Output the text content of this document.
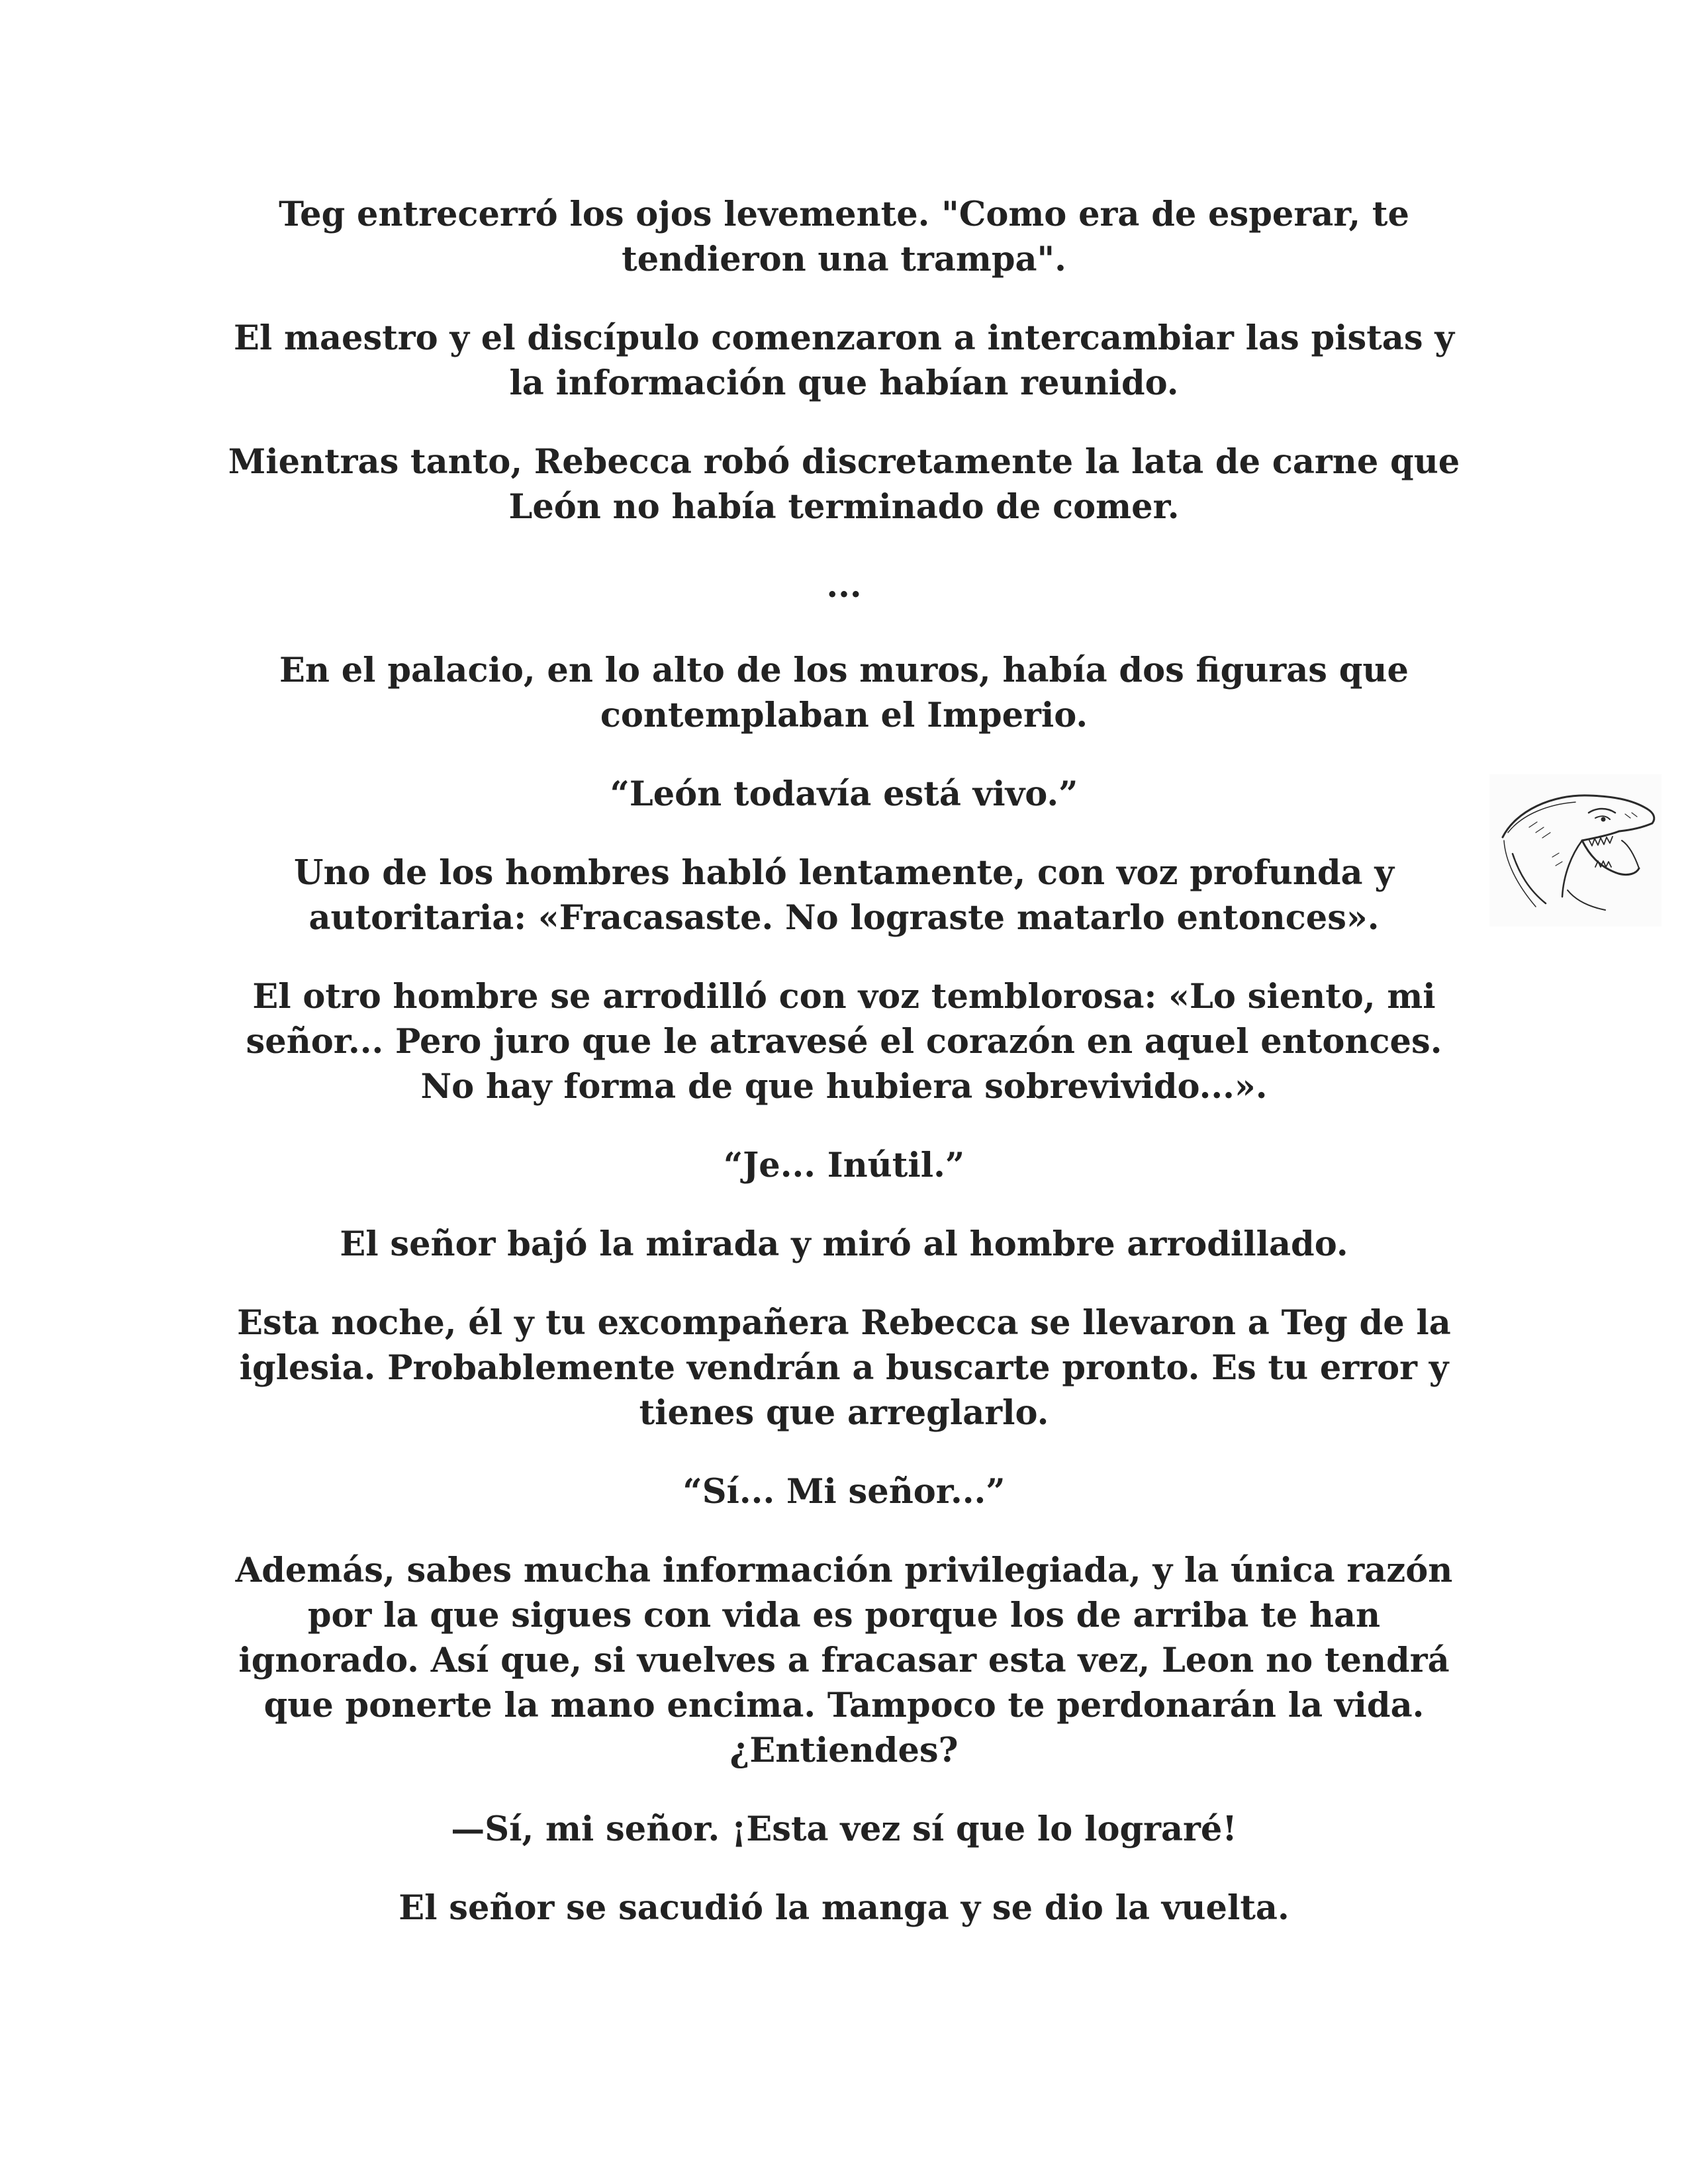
Teg entrecerró los ojos levemente. "Como era de esperar, te tendieron una trampa".

El maestro y el discípulo comenzaron a intercambiar las pistas y la información que habían reunido.

Mientras tanto, Rebecca robó discretamente la lata de carne que León no había terminado de comer.

...

En el palacio, en lo alto de los muros, había dos figuras que contemplaban el Imperio.

“León todavía está vivo.”

Uno de los hombres habló lentamente, con voz profunda y autoritaria: «Fracasaste. No lograste matarlo entonces».

El otro hombre se arrodilló con voz temblorosa: «Lo siento, mi señor... Pero juro que le atravesé el corazón en aquel entonces. No hay forma de que hubiera sobrevivido...».

“Je... Inútil.”

El señor bajó la mirada y miró al hombre arrodillado.

Esta noche, él y tu excompañera Rebecca se llevaron a Teg de la iglesia. Probablemente vendrán a buscarte pronto. Es tu error y tienes que arreglarlo.

“Sí... Mi señor...”

Además, sabes mucha información privilegiada, y la única razón por la que sigues con vida es porque los de arriba te han ignorado. Así que, si vuelves a fracasar esta vez, Leon no tendrá que ponerte la mano encima. Tampoco te perdonarán la vida. ¿Entiendes?

—Sí, mi señor. ¡Esta vez sí que lo lograré!

El señor se sacudió la manga y se dio la vuelta.
